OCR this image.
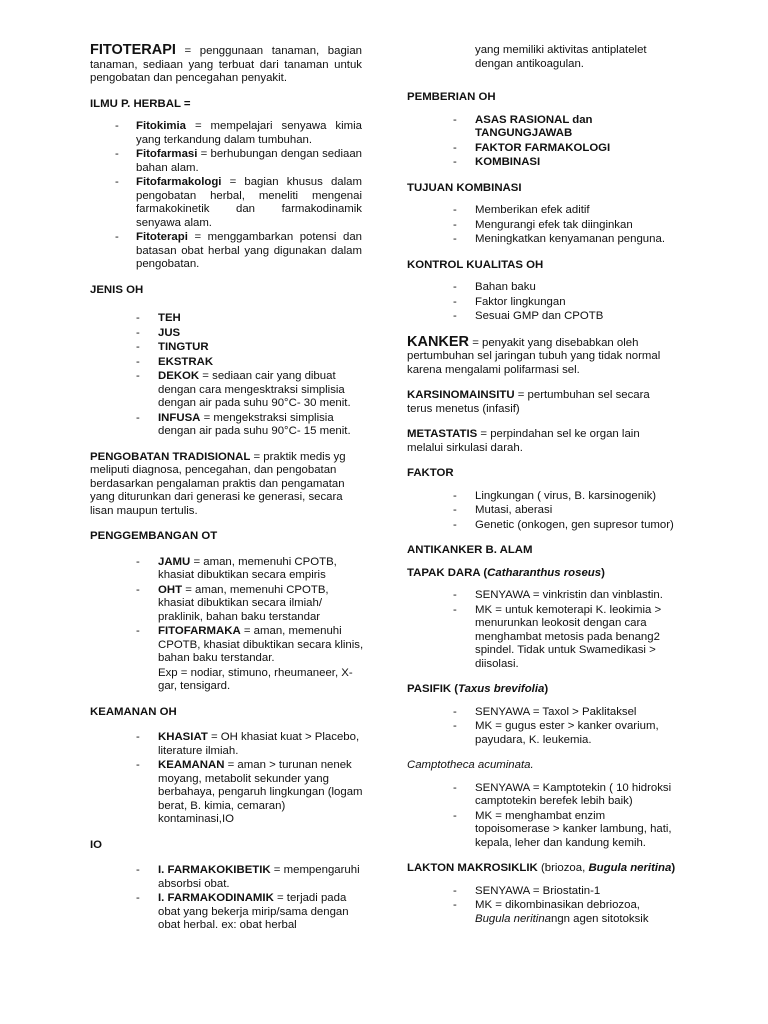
FITOTERAPI = penggunaan tanaman, bagian tanaman, sediaan yang terbuat dari tanaman untuk pengobatan dan pencegahan penyakit.

ILMU P. HERBAL =

- Fitokimia = mempelajari senyawa kimia yang terkandung dalam tumbuhan.
- Fitofarmasi = berhubungan dengan sediaan bahan alam.
- Fitofarmakologi = bagian khusus dalam pengobatan herbal, meneliti mengenai farmakokinetik dan farmakodinamik senyawa alam.
- Fitoterapi = menggambarkan potensi dan batasan obat herbal yang digunakan dalam pengobatan.

JENIS OH

- TEH
- JUS
- TINGTUR
- EKSTRAK
- DEKOK = sediaan cair yang dibuat dengan cara mengesktraksi simplisia dengan air pada suhu 90°C- 30 menit.
- INFUSA = mengekstraksi simplisia dengan air pada suhu 90°C- 15 menit.

PENGOBATAN TRADISIONAL = praktik medis yg meliputi diagnosa, pencegahan, dan pengobatan berdasarkan pengalaman praktis dan pengamatan yang diturunkan dari generasi ke generasi, secara lisan maupun tertulis.

PENGGEMBANGAN OT

- JAMU = aman, memenuhi CPOTB, khasiat dibuktikan secara empiris
- OHT = aman, memenuhi CPOTB, khasiat dibuktikan secara ilmiah/ praklinik, bahan baku terstandar
- FITOFARMAKA = aman, memenuhi CPOTB, khasiat dibuktikan secara klinis, bahan baku terstandar.

Exp = nodiar, stimuno, rheumaneer, X-gar, tensigard.

KEAMANAN OH

- KHASIAT = OH khasiat kuat > Placebo, literature ilmiah.
- KEAMANAN = aman > turunan nenek moyang, metabolit sekunder yang berbahaya, pengaruh lingkungan (logam berat, B. kimia, cemaran) kontaminasi,IO

IO

- I. FARMAKOKIBETIK = mempengaruhi absorbsi obat.
- I. FARMAKODINAMIK = terjadi pada obat yang bekerja mirip/sama dengan obat herbal. ex: obat herbal

yang memiliki aktivitas antiplatelet dengan antikoagulan.

PEMBERIAN OH

- ASAS RASIONAL dan TANGUNGJAWAB
- FAKTOR FARMAKOLOGI
- KOMBINASI

TUJUAN KOMBINASI

- Memberikan efek aditif
- Mengurangi efek tak diinginkan
- Meningkatkan kenyamanan penguna.

KONTROL KUALITAS OH

- Bahan baku
- Faktor lingkungan
- Sesuai GMP dan CPOTB

KANKER = penyakit yang disebabkan oleh pertumbuhan sel jaringan tubuh yang tidak normal karena mengalami polifarmasi sel.

KARSINOMAINSITU = pertumbuhan sel secara terus menetus (infasif)

METASTATIS = perpindahan sel ke organ lain melalui sirkulasi darah.

FAKTOR

- Lingkungan ( virus, B. karsinogenik)
- Mutasi, aberasi
- Genetic (onkogen, gen supresor tumor)

ANTIKANKER B. ALAM

TAPAK DARA (Catharanthus roseus)

- SENYAWA = vinkristin dan vinblastin.
- MK = untuk kemoterapi K. leokimia > menurunkan leokosit dengan cara menghambat metosis pada benang2 spindel. Tidak untuk Swamedikasi > diisolasi.

PASIFIK (Taxus brevifolia)

- SENYAWA = Taxol > Paklitaksel
- MK = gugus ester > kanker ovarium, payudara, K. leukemia.

Camptotheca acuminata.

- SENYAWA = Kamptotekin ( 10 hidroksi camptotekin berefek lebih baik)
- MK = menghambat enzim topoisomerase > kanker lambung, hati, kepala, leher dan kandung kemih.

LAKTON MAKROSIKLIK (briozoa, Bugula neritina)

- SENYAWA = Briostatin-1
- MK = dikombinasikan debriozoa, Bugula neritinangn agen sitotoksik
